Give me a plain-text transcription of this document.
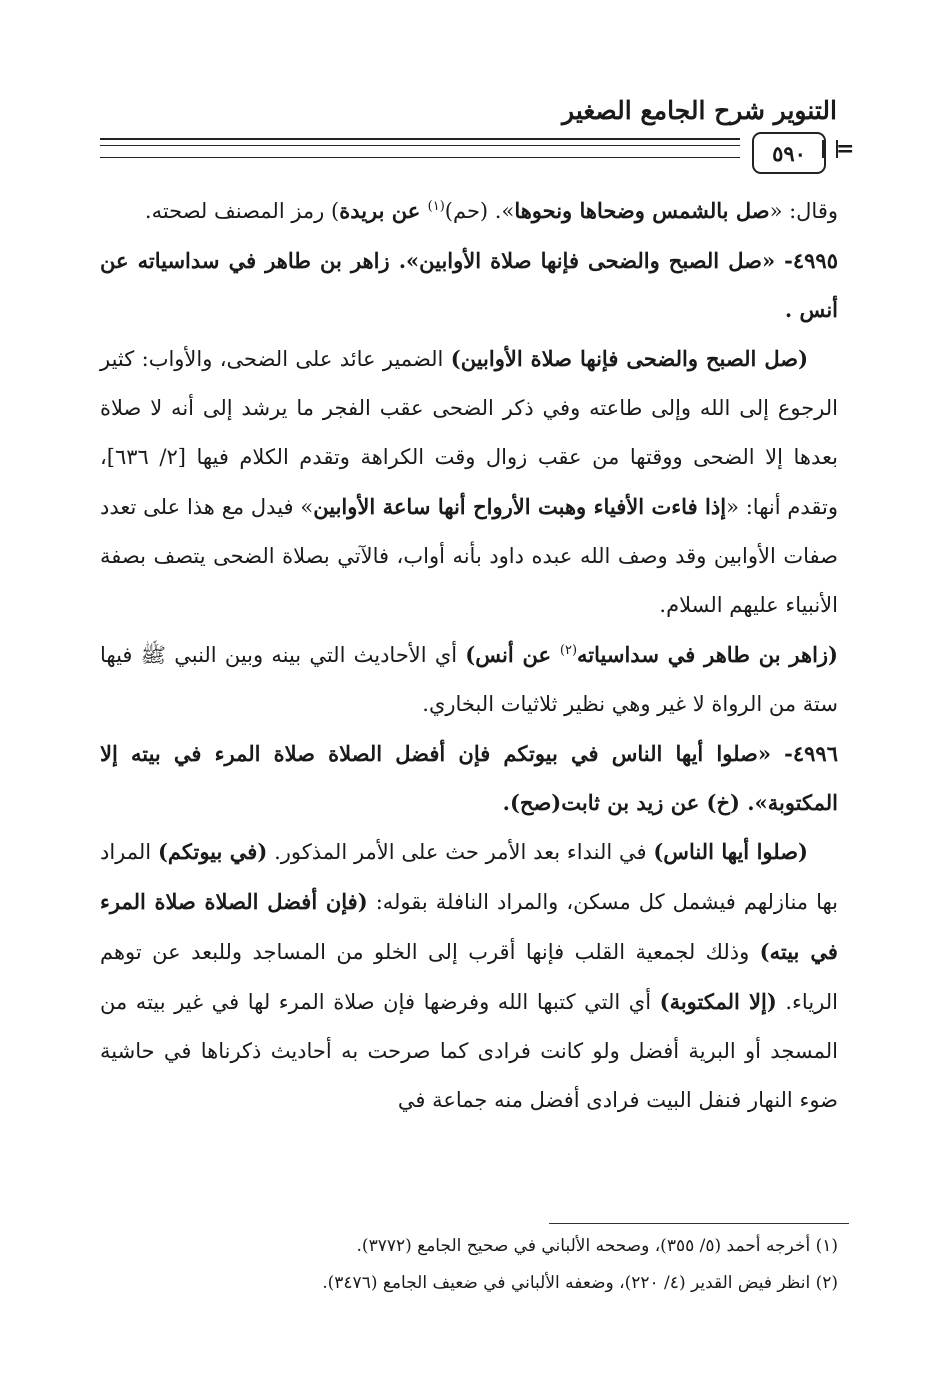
التنوير شرح الجامع الصغير
٥٩٠	=

وقال: «صل بالشمس وضحاها ونحوها». (حم)$^{(١)}$ عن بريدة) رمز المصنف لصحته.

٤٩٩٥- «صل الصبح والضحى فإنها صلاة الأوابين». زاهر بن طاهر في سداسياته عن أنس .

(صل الصبح والضحى فإنها صلاة الأوابين) الضمير عائد على الضحى، والأواب: كثير الرجوع إلى الله وإلى طاعته وفي ذكر الضحى عقب الفجر ما يرشد إلى أنه لا صلاة بعدها إلا الضحى ووقتها من عقب زوال وقت الكراهة وتقدم الكلام فيها [٢/ ٦٣٦]، وتقدم أنها: «إذا فاءت الأفياء وهبت الأرواح أنها ساعة الأوابين» فيدل مع هذا على تعدد صفات الأوابين وقد وصف الله عبده داود بأنه أواب، فالآتي بصلاة الضحى يتصف بصفة الأنبياء عليهم السلام.

(زاهر بن طاهر في سداسياته$^{(٢)}$ عن أنس) أي الأحاديث التي بينه وبين النبي ﷺ فيها ستة من الرواة لا غير وهي نظير ثلاثيات البخاري.

٤٩٩٦- «صلوا أيها الناس في بيوتكم فإن أفضل الصلاة صلاة المرء في بيته إلا المكتوبة». (خ) عن زيد بن ثابت(صح).

(صلوا أيها الناس) في النداء بعد الأمر حث على الأمر المذكور. (في بيوتكم) المراد بها منازلهم فيشمل كل مسكن، والمراد النافلة بقوله: (فإن أفضل الصلاة صلاة المرء في بيته) وذلك لجمعية القلب فإنها أقرب إلى الخلو من المساجد وللبعد عن توهم الرياء. (إلا المكتوبة) أي التي كتبها الله وفرضها فإن صلاة المرء لها في غير بيته من المسجد أو البرية أفضل ولو كانت فرادى كما صرحت به أحاديث ذكرناها في حاشية ضوء النهار فنفل البيت فرادى أفضل منه جماعة في

(١) أخرجه أحمد (٥/ ٣٥٥)، وصححه الألباني في صحيح الجامع (٣٧٧٢).
(٢) انظر فيض القدير (٤/ ٢٢٠)، وضعفه الألباني في ضعيف الجامع (٣٤٧٦).
